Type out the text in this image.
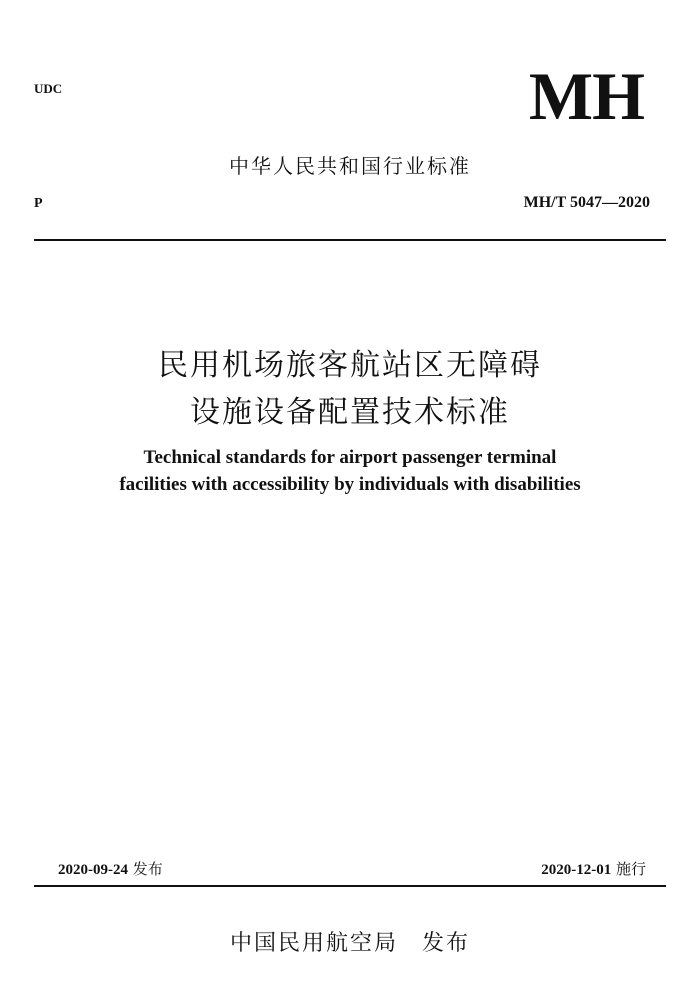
UDC	MH
中华人民共和国行业标准
P	MH/T 5047—2020
民用机场旅客航站区无障碍
设施设备配置技术标准
Technical standards for airport passenger terminal
facilities with accessibility by individuals with disabilities
2020-09-24 发布	2020-12-01 施行
中国民用航空局　发布
